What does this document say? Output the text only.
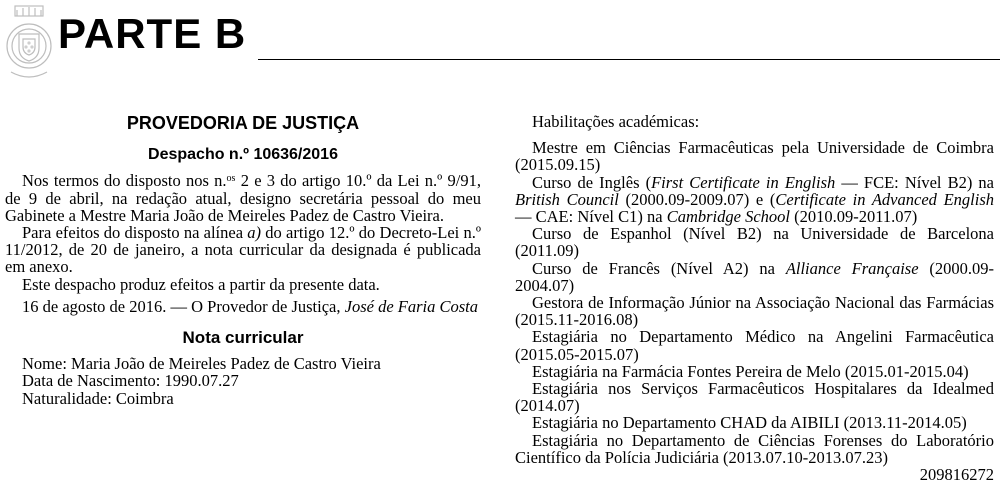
PARTE B
PROVEDORIA DE JUSTIÇA
Despacho n.º 10636/2016

Nos termos do disposto nos n.$^{os}$ 2 e 3 do artigo 10.º da Lei n.º 9/91, de 9 de abril, na redação atual, designo secretária pessoal do meu Gabinete a Mestre Maria João de Meireles Padez de Castro Vieira.

Para efeitos do disposto na alínea a) do artigo 12.º do Decreto-Lei n.º 11/2012, de 20 de janeiro, a nota curricular da designada é publicada em anexo.

Este despacho produz efeitos a partir da presente data.

16 de agosto de 2016. — O Provedor de Justiça, José de Faria Costa

Nota curricular

Nome: Maria João de Meireles Padez de Castro Vieira

Data de Nascimento: 1990.07.27

Naturalidade: Coimbra

Habilitações académicas:

Mestre em Ciências Farmacêuticas pela Universidade de Coimbra (2015.09.15)

Curso de Inglês (First Certificate in English — FCE: Nível B2) na British Council (2000.09-2009.07) e (Certificate in Advanced English — CAE: Nível C1) na Cambridge School (2010.09-2011.07)

Curso de Espanhol (Nível B2) na Universidade de Barcelona (2011.09)

Curso de Francês (Nível A2) na Alliance Française (2000.09-2004.07)

Gestora de Informação Júnior na Associação Nacional das Farmácias (2015.11-2016.08)

Estagiária no Departamento Médico na Angelini Farmacêutica (2015.05-2015.07)

Estagiária na Farmácia Fontes Pereira de Melo (2015.01-2015.04)

Estagiária nos Serviços Farmacêuticos Hospitalares da Idealmed (2014.07)

Estagiária no Departamento CHAD da AIBILI (2013.11-2014.05)

Estagiária no Departamento de Ciências Forenses do Laboratório Científico da Polícia Judiciária (2013.07.10-2013.07.23)

209816272
